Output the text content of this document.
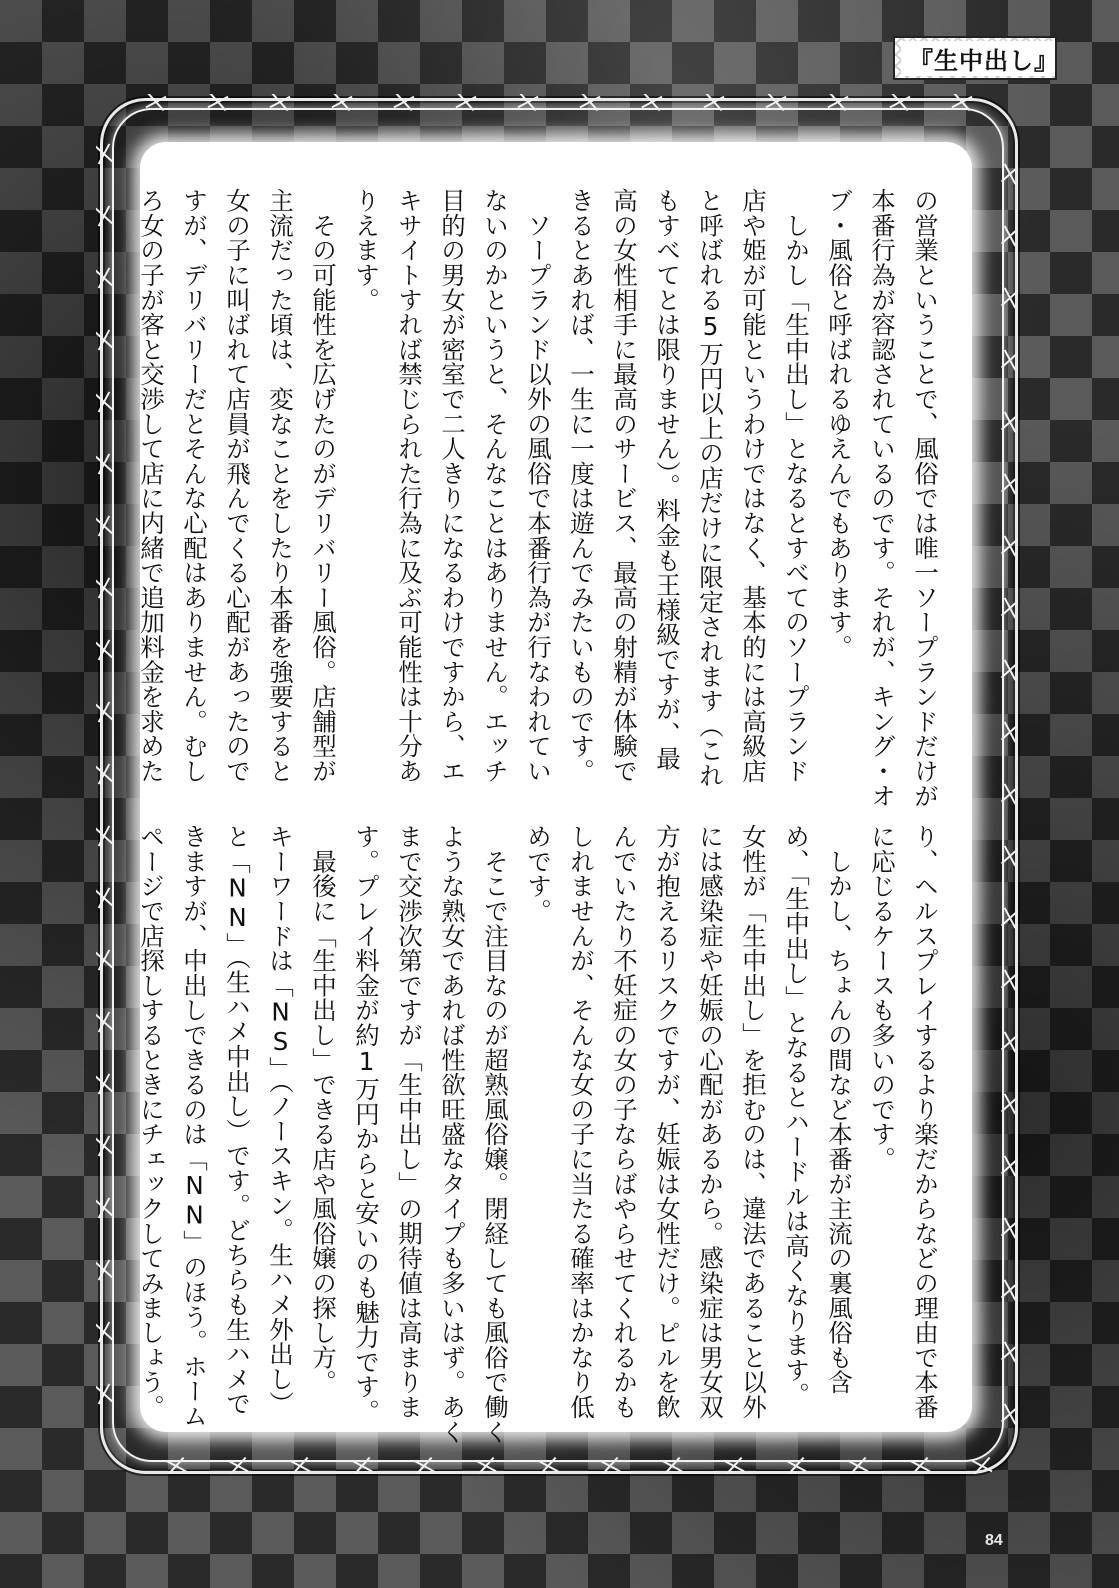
『生中出し』
の営業ということで、風俗では唯一ソープランドだけが
本番行為が容認されているのです。それが、キング・オ
ブ・風俗と呼ばれるゆえんでもあります。
　しかし「生中出し」となるとすべてのソープランド
店や姫が可能というわけではなく、基本的には高級店
と呼ばれる5万円以上の店だけに限定されます（これ
もすべてとは限りません）。料金も王様級ですが、最
高の女性相手に最高のサービス、最高の射精が体験で
きるとあれば、一生に一度は遊んでみたいものです。
　ソープランド以外の風俗で本番行為が行なわれてい
ないのかというと、そんなことはありません。エッチ
目的の男女が密室で二人きりになるわけですから、エ
キサイトすれば禁じられた行為に及ぶ可能性は十分あ
りえます。
　その可能性を広げたのがデリバリー風俗。店舗型が
主流だった頃は、変なことをしたり本番を強要すると
女の子に叫ばれて店員が飛んでくる心配があったので
すが、デリバリーだとそんな心配はありません。むし
ろ女の子が客と交渉して店に内緒で追加料金を求めた
り、ヘルスプレイするより楽だからなどの理由で本番
に応じるケースも多いのです。
　しかし、ちょんの間など本番が主流の裏風俗も含
め、「生中出し」となるとハードルは高くなります。
女性が「生中出し」を拒むのは、違法であること以外
には感染症や妊娠の心配があるから。感染症は男女双
方が抱えるリスクですが、妊娠は女性だけ。ピルを飲
んでいたり不妊症の女の子ならばやらせてくれるかも
しれませんが、そんな女の子に当たる確率はかなり低
めです。
　そこで注目なのが超熟風俗嬢。閉経しても風俗で働く
ような熟女であれば性欲旺盛なタイプも多いはず。あく
まで交渉次第ですが「生中出し」の期待値は高まりま
す。プレイ料金が約1万円からと安いのも魅力です。
　最後に「生中出し」できる店や風俗嬢の探し方。
キーワードは「NS」（ノースキン。生ハメ外出し）
と「NN」（生ハメ中出し）です。どちらも生ハメで
きますが、中出しできるのは「NN」のほう。ホーム
ページで店探しするときにチェックしてみましょう。
84
